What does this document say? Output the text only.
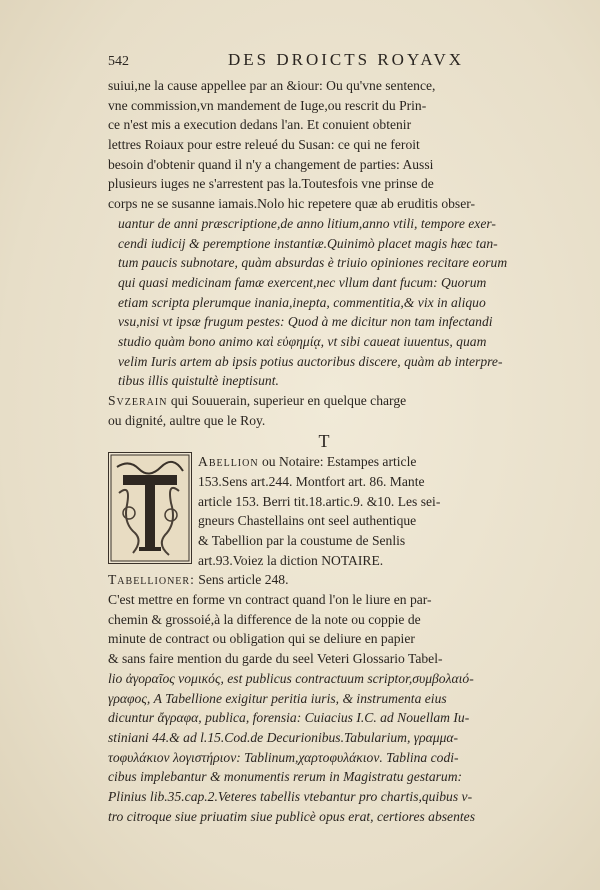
542	DES DROICTS ROYAVX
suiui,ne la cause appellee par an &iour: Ou qu'vne sentence,
vne commission,vn mandement de Iuge,ou rescrit du Prin-
ce n'est mis a execution dedans l'an. Et conuient obtenir
lettres Roiaux pour estre releué du Susan: ce qui ne feroit
besoin d'obtenir quand il n'y a changement de parties: Aussi
plusieurs iuges ne s'arrestent pas la.Toutesfois vne prinse de
corps ne se susanne iamais.Nolo hic repetere quæ ab eruditis obser-
uantur de anni præscriptione,de anno litium,anno vtili, tempore exer-
cendi iudicij & peremptione instantiæ.Quinimò placet magis hæc tan-
tum paucis subnotare, quàm absurdas è triuio opiniones recitare eorum
qui quasi medicinam famæ exercent,nec vllum dant fucum: Quorum
etiam scripta plerumque inania,inepta, commentitia,& vix in aliquo
vsu,nisi vt ipsæ frugum pestes: Quod à me dicitur non tam infectandi
studio quàm bono animo καὶ εὐφημίᾳ, vt sibi caueat iuuentus, quam
velim Iuris artem ab ipsis potius auctoribus discere, quàm ab interpre-
tibus illis quistultè ineptisunt.
Svzerain qui Souuerain, superieur en quelque charge
ou dignité, aultre que le Roy.
T
Abellion ou Notaire: Estampes article
153.Sens art.244. Montfort art. 86. Mante
article 153. Berri tit.18.artic.9. &10. Les sei-
gneurs Chastellains ont seel authentique
& Tabellion par la coustume de Senlis
art.93.Voiez la diction NOTAIRE.
Tabellioner: Sens article 248.
C'est mettre en forme vn contract quand l'on le liure en par-
chemin & grossoié,à la difference de la note ou coppie de
minute de contract ou obligation qui se deliure en papier
& sans faire mention du garde du seel Veteri Glossario Tabel-
lio ἀγοραῖος νομικός, est publicus contractuum scriptor,συμβολαιό-
γραφος, A Tabellione exigitur peritia iuris, & instrumenta eius
dicuntur ἄγραφα, publica, forensia: Cuiacius I.C. ad Nouellam Iu-
stiniani 44.& ad l.15.Cod.de Decurionibus.Tabularium, γραμμα-
τοφυλάκιον λογιστήριον: Tablinum,χαρτοφυλάκιον. Tablina codi-
cibus implebantur & monumentis rerum in Magistratu gestarum:
Plinius lib.35.cap.2.Veteres tabellis vtebantur pro chartis,quibus v-
tro citroque siue priuatim siue publicè opus erat, certiores absentes
